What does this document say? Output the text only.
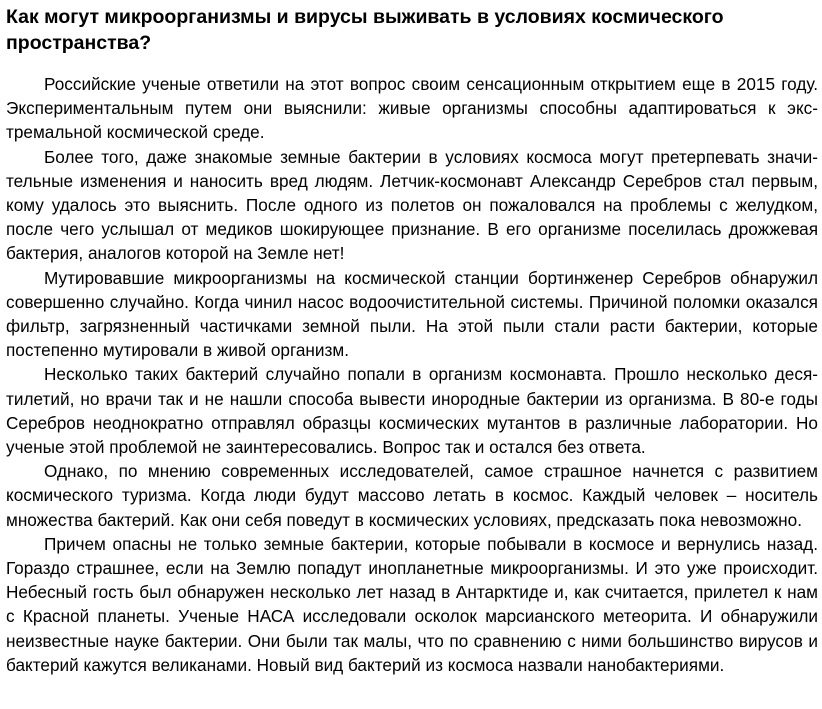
Как могут микроорганизмы и вирусы выживать в условиях космического пространства?

Российские ученые ответили на этот вопрос своим сенсационным открытием еще в 2015 году. Экспериментальным путем они выяснили: живые организмы способны адаптироваться к экстремальной космической среде.

Более того, даже знакомые земные бактерии в условиях космоса могут претерпевать значительные изменения и наносить вред людям. Летчик-космонавт Александр Серебров стал первым, кому удалось это выяснить. После одного из полетов он пожаловался на проблемы с желудком, после чего услышал от медиков шокирующее признание. В его организме поселилась дрожжевая бактерия, аналогов которой на Земле нет!

Мутировавшие микроорганизмы на космической станции бортинженер Серебров обнаружил совершенно случайно. Когда чинил насос водоочистительной системы. Причиной поломки оказался фильтр, загрязненный частичками земной пыли. На этой пыли стали расти бактерии, которые постепенно мутировали в живой организм.

Несколько таких бактерий случайно попали в организм космонавта. Прошло несколько десятилетий, но врачи так и не нашли способа вывести инородные бактерии из организма. В 80-е годы Серебров неоднократно отправлял образцы космических мутантов в различные лаборатории. Но ученые этой проблемой не заинтересовались. Вопрос так и остался без ответа.

Однако, по мнению современных исследователей, самое страшное начнется с развитием космического туризма. Когда люди будут массово летать в космос. Каждый человек – носитель множества бактерий. Как они себя поведут в космических условиях, предсказать пока невозможно.

Причем опасны не только земные бактерии, которые побывали в космосе и вернулись назад. Гораздо страшнее, если на Землю попадут инопланетные микроорганизмы. И это уже происходит. Небесный гость был обнаружен несколько лет назад в Антарктиде и, как считается, прилетел к нам с Красной планеты. Ученые НАСА исследовали осколок марсианского метеорита. И обнаружили неизвестные науке бактерии. Они были так малы, что по сравнению с ними большинство вирусов и бактерий кажутся великанами. Новый вид бактерий из космоса назвали нанобактериями.
